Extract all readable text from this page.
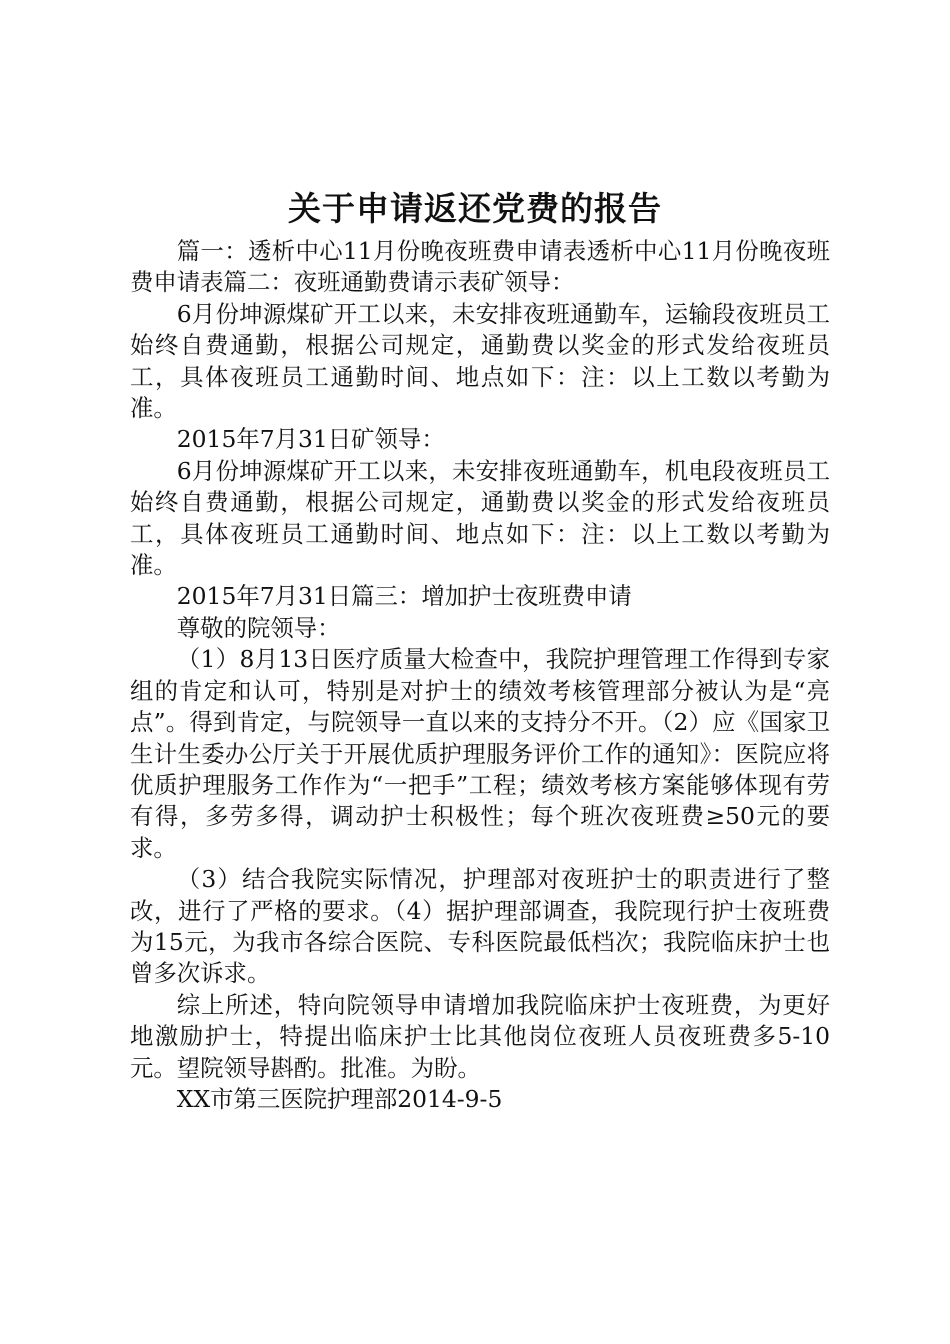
关于申请返还党费的报告

篇一：透析中心11月份晚夜班费申请表透析中心11月份晚夜班费申请表篇二：夜班通勤费请示表矿领导：

6月份坤源煤矿开工以来，未安排夜班通勤车，运输段夜班员工始终自费通勤，根据公司规定，通勤费以奖金的形式发给夜班员工，具体夜班员工通勤时间、地点如下：注：以上工数以考勤为准。

2015年7月31日矿领导：

6月份坤源煤矿开工以来，未安排夜班通勤车，机电段夜班员工始终自费通勤，根据公司规定，通勤费以奖金的形式发给夜班员工，具体夜班员工通勤时间、地点如下：注：以上工数以考勤为准。

2015年7月31日篇三：增加护士夜班费申请

尊敬的院领导：

（1）8月13日医疗质量大检查中，我院护理管理工作得到专家组的肯定和认可，特别是对护士的绩效考核管理部分被认为是“亮点”。得到肯定，与院领导一直以来的支持分不开。（2）应《国家卫生计生委办公厅关于开展优质护理服务评价工作的通知》：医院应将优质护理服务工作作为“一把手”工程；绩效考核方案能够体现有劳有得，多劳多得，调动护士积极性；每个班次夜班费≥50元的要求。

（3）结合我院实际情况，护理部对夜班护士的职责进行了整改，进行了严格的要求。（4）据护理部调查，我院现行护士夜班费为15元，为我市各综合医院、专科医院最低档次；我院临床护士也曾多次诉求。

综上所述，特向院领导申请增加我院临床护士夜班费，为更好地激励护士，特提出临床护士比其他岗位夜班人员夜班费多5-10元。望院领导斟酌。批准。为盼。

XX市第三医院护理部2014-9-5
